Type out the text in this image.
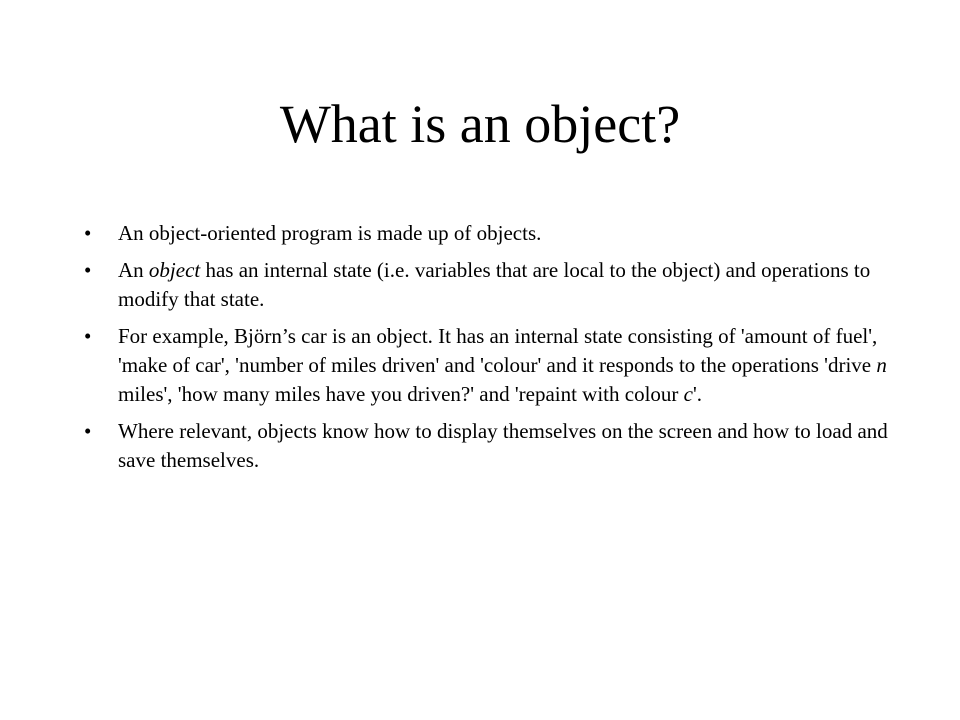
What is an object?
•	An object-oriented program is made up of objects.
•	An object has an internal state (i.e. variables that are local to the object) and operations to modify that state.
•	For example, Björn’s car is an object. It has an internal state consisting of 'amount of fuel', 'make of car', 'number of miles driven' and 'colour' and it responds to the operations 'drive n miles', 'how many miles have you driven?' and 'repaint with colour c'.
•	Where relevant, objects know how to display themselves on the screen and how to load and save themselves.
